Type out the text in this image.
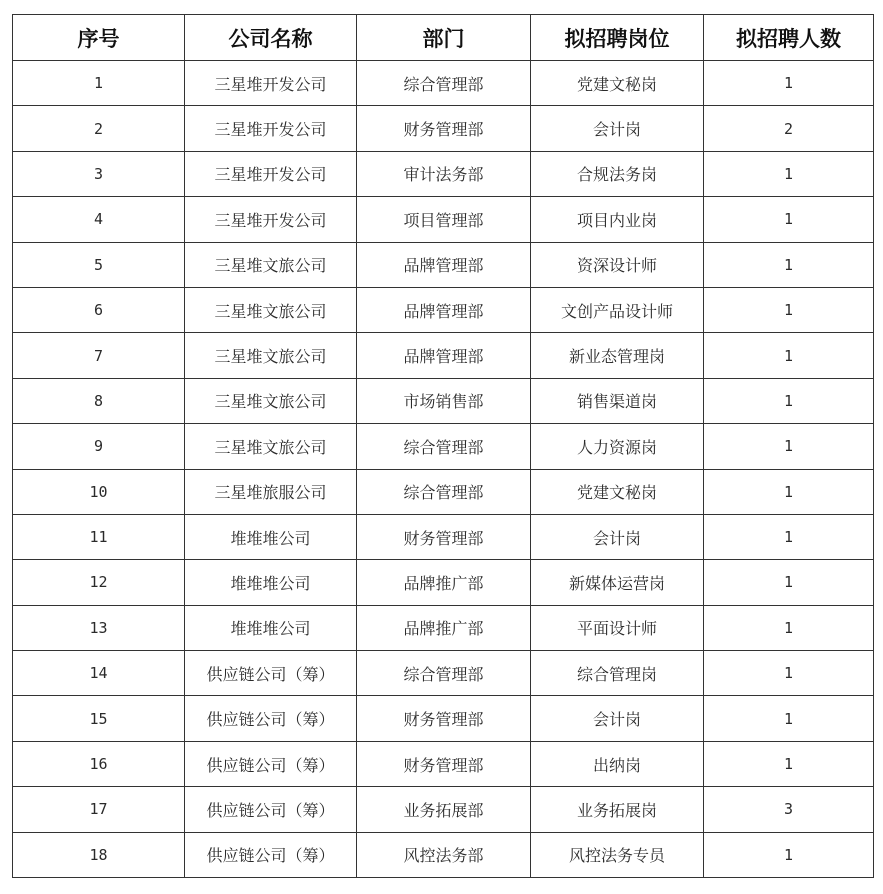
序号	公司名称	部门	拟招聘岗位	拟招聘人数
1	三星堆开发公司	综合管理部	党建文秘岗	1
2	三星堆开发公司	财务管理部	会计岗	2
3	三星堆开发公司	审计法务部	合规法务岗	1
4	三星堆开发公司	项目管理部	项目内业岗	1
5	三星堆文旅公司	品牌管理部	资深设计师	1
6	三星堆文旅公司	品牌管理部	文创产品设计师	1
7	三星堆文旅公司	品牌管理部	新业态管理岗	1
8	三星堆文旅公司	市场销售部	销售渠道岗	1
9	三星堆文旅公司	综合管理部	人力资源岗	1
10	三星堆旅服公司	综合管理部	党建文秘岗	1
11	堆堆堆公司	财务管理部	会计岗	1
12	堆堆堆公司	品牌推广部	新媒体运营岗	1
13	堆堆堆公司	品牌推广部	平面设计师	1
14	供应链公司（筹）	综合管理部	综合管理岗	1
15	供应链公司（筹）	财务管理部	会计岗	1
16	供应链公司（筹）	财务管理部	出纳岗	1
17	供应链公司（筹）	业务拓展部	业务拓展岗	3
18	供应链公司（筹）	风控法务部	风控法务专员	1
